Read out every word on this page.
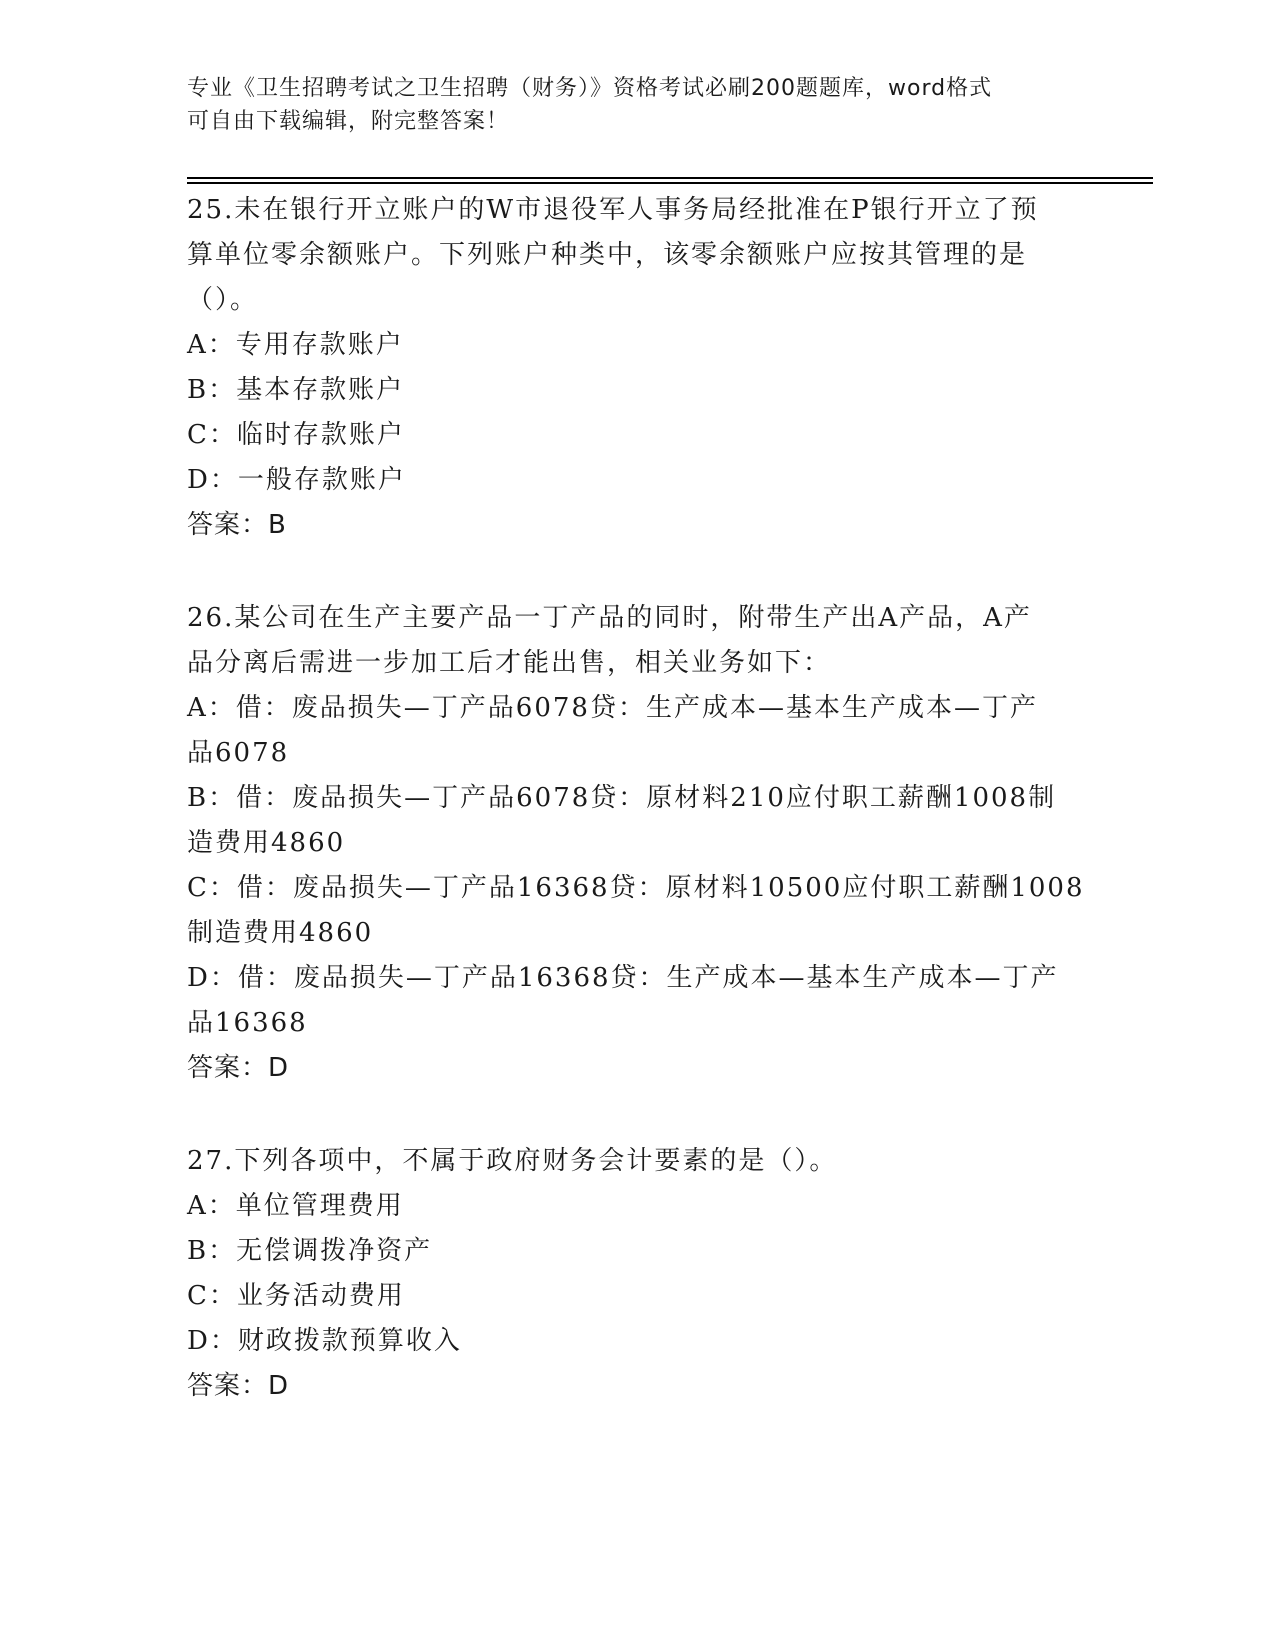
专业《卫生招聘考试之卫生招聘（财务）》资格考试必刷200题题库，word格式
可自由下载编辑，附完整答案！

25.未在银行开立账户的W市退役军人事务局经批准在P银行开立了预

算单位零余额账户。下列账户种类中，该零余额账户应按其管理的是

（）。

A：专用存款账户

B：基本存款账户

C：临时存款账户

D：一般存款账户

答案：B

26.某公司在生产主要产品一丁产品的同时，附带生产出A产品，A产

品分离后需进一步加工后才能出售，相关业务如下：

A：借：废品损失—丁产品6078贷：生产成本—基本生产成本—丁产

品6078

B：借：废品损失—丁产品6078贷：原材料210应付职工薪酬1008制

造费用4860

C：借：废品损失—丁产品16368贷：原材料10500应付职工薪酬1008

制造费用4860

D：借：废品损失—丁产品16368贷：生产成本—基本生产成本—丁产

品16368

答案：D

27.下列各项中，不属于政府财务会计要素的是（）。

A：单位管理费用

B：无偿调拨净资产

C：业务活动费用

D：财政拨款预算收入

答案：D
